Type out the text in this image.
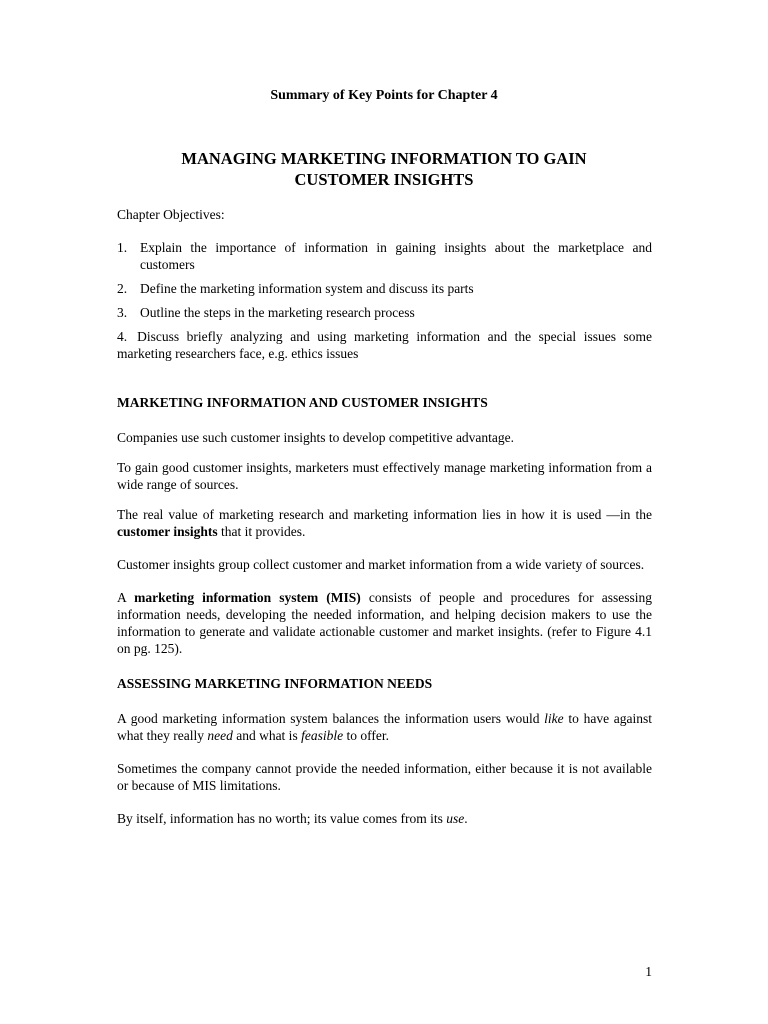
Summary of Key Points for Chapter 4
MANAGING MARKETING INFORMATION TO GAIN
CUSTOMER INSIGHTS

Chapter Objectives:

1. Explain the importance of information in gaining insights about the marketplace and customers
2. Define the marketing information system and discuss its parts
3. Outline the steps in the marketing research process

4. Discuss briefly analyzing and using marketing information and the special issues some marketing researchers face, e.g. ethics issues

MARKETING INFORMATION AND CUSTOMER INSIGHTS

Companies use such customer insights to develop competitive advantage.

To gain good customer insights, marketers must effectively manage marketing information from a wide range of sources.

The real value of marketing research and marketing information lies in how it is used —in the customer insights that it provides.

Customer insights group collect customer and market information from a wide variety of sources.

A marketing information system (MIS) consists of people and procedures for assessing information needs, developing the needed information, and helping decision makers to use the information to generate and validate actionable customer and market insights. (refer to Figure 4.1 on pg. 125).

ASSESSING MARKETING INFORMATION NEEDS

A good marketing information system balances the information users would like to have against what they really need and what is feasible to offer.

Sometimes the company cannot provide the needed information, either because it is not available or because of MIS limitations.

By itself, information has no worth; its value comes from its use.

1
